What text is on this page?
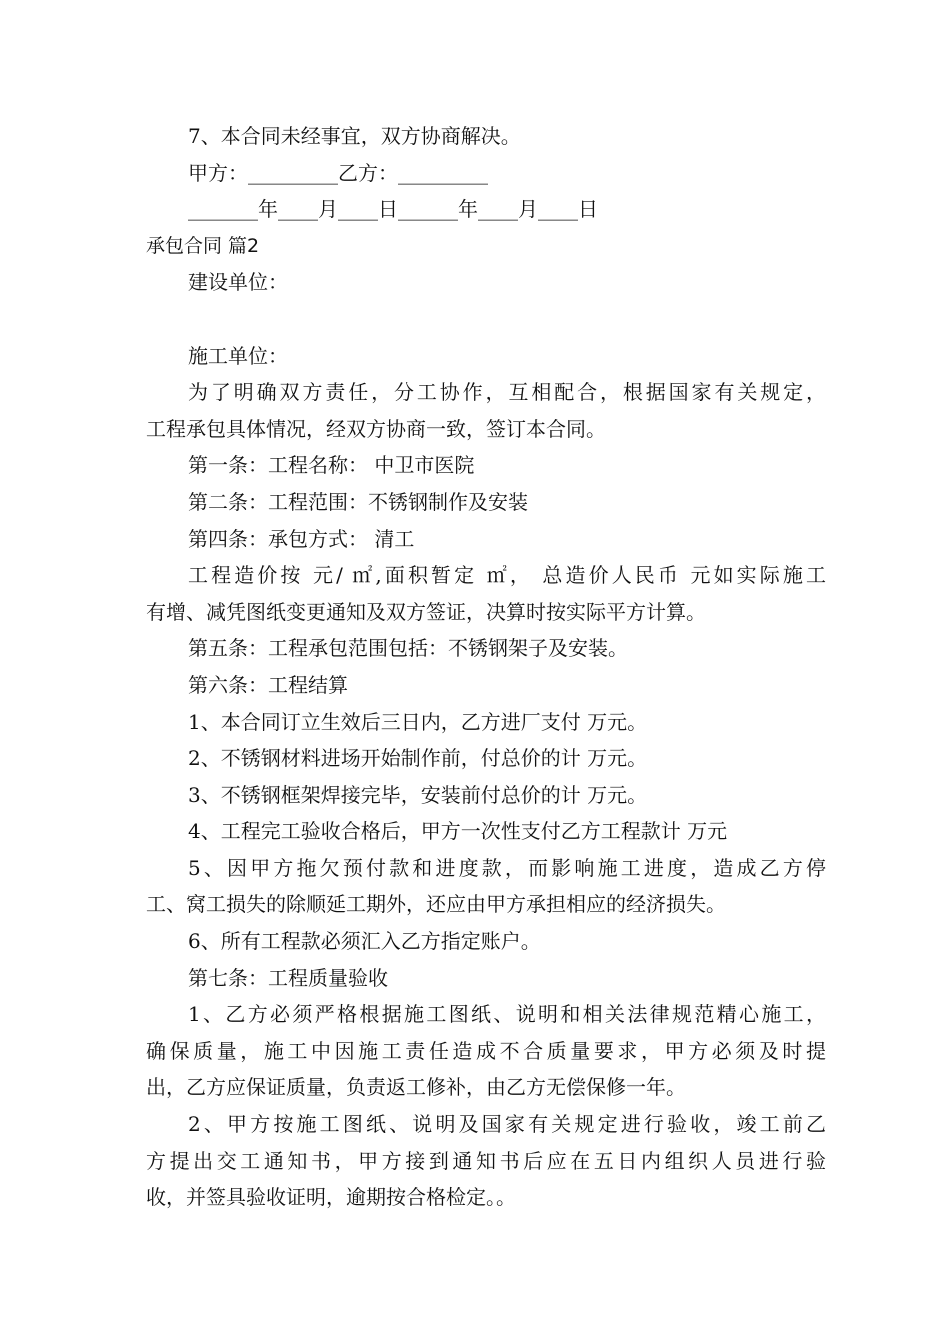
7、本合同未经事宜，双方协商解决。
甲方：_________乙方：_________
_______年____月____日______年____月____日
承包合同 篇2
建设单位：
施工单位：
为了明确双方责任，分工协作，互相配合，根据国家有关规定，
工程承包具体情况，经双方协商一致，签订本合同。
第一条：工程名称： 中卫市医院
第二条：工程范围：不锈钢制作及安装
第四条：承包方式： 清工
工程造价按 元/ ㎡,面积暂定 ㎡， 总造价人民币 元如实际施工
有增、减凭图纸变更通知及双方签证，决算时按实际平方计算。
第五条：工程承包范围包括：不锈钢架子及安装。
第六条：工程结算
1、本合同订立生效后三日内，乙方进厂支付 万元。
2、不锈钢材料进场开始制作前，付总价的计 万元。
3、不锈钢框架焊接完毕，安装前付总价的计 万元。
4、工程完工验收合格后，甲方一次性支付乙方工程款计 万元
5、因甲方拖欠预付款和进度款，而影响施工进度，造成乙方停
工、窝工损失的除顺延工期外，还应由甲方承担相应的经济损失。
6、所有工程款必须汇入乙方指定账户。
第七条：工程质量验收
1、乙方必须严格根据施工图纸、说明和相关法律规范精心施工，
确保质量，施工中因施工责任造成不合质量要求，甲方必须及时提
出，乙方应保证质量，负责返工修补，由乙方无偿保修一年。
2、甲方按施工图纸、说明及国家有关规定进行验收，竣工前乙
方提出交工通知书，甲方接到通知书后应在五日内组织人员进行验
收，并签具验收证明，逾期按合格检定。。
